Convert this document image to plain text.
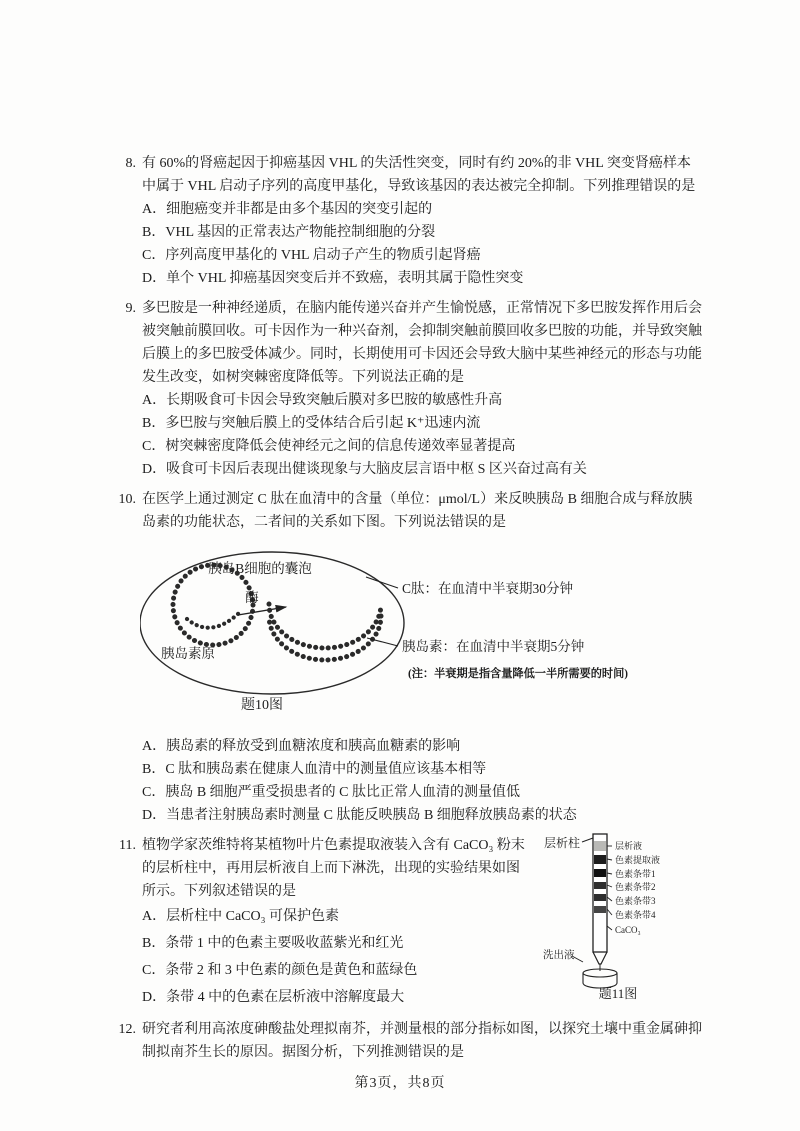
8. 有 60%的肾癌起因于抑癌基因 VHL 的失活性突变，同时有约 20%的非 VHL 突变肾癌样本中属于 VHL 启动子序列的高度甲基化，导致该基因的表达被完全抑制。下列推理错误的是
A．细胞癌变并非都是由多个基因的突变引起的
B．VHL 基因的正常表达产物能控制细胞的分裂
C．序列高度甲基化的 VHL 启动子产生的物质引起肾癌
D．单个 VHL 抑癌基因突变后并不致癌，表明其属于隐性突变
9. 多巴胺是一种神经递质，在脑内能传递兴奋并产生愉悦感，正常情况下多巴胺发挥作用后会被突触前膜回收。可卡因作为一种兴奋剂，会抑制突触前膜回收多巴胺的功能，并导致突触后膜上的多巴胺受体减少。同时，长期使用可卡因还会导致大脑中某些神经元的形态与功能发生改变，如树突棘密度降低等。下列说法正确的是
A．长期吸食可卡因会导致突触后膜对多巴胺的敏感性升高
B．多巴胺与突触后膜上的受体结合后引起 K⁺迅速内流
C．树突棘密度降低会使神经元之间的信息传递效率显著提高
D．吸食可卡因后表现出健谈现象与大脑皮层言语中枢 S 区兴奋过高有关
10. 在医学上通过测定 C 肽在血清中的含量（单位：μmol/L）来反映胰岛 B 细胞合成与释放胰岛素的功能状态，二者间的关系如下图。下列说法错误的是
胰岛B细胞的囊泡
胰岛素原
酶
C肽：在血清中半衰期30分钟
胰岛素：在血清中半衰期5分钟
(注：半衰期是指含量降低一半所需要的时间)
题10图
A．胰岛素的释放受到血糖浓度和胰高血糖素的影响
B．C 肽和胰岛素在健康人血清中的测量值应该基本相等
C．胰岛 B 细胞严重受损患者的 C 肽比正常人血清的测量值低
D．当患者注射胰岛素时测量 C 肽能反映胰岛 B 细胞释放胰岛素的状态
11. 植物学家茨维特将某植物叶片色素提取液装入含有 CaCO₃ 粉末的层析柱中，再用层析液自上而下淋洗，出现的实验结果如图所示。下列叙述错误的是
A．层析柱中 CaCO₃ 可保护色素
B．条带 1 中的色素主要吸收蓝紫光和红光
C．条带 2 和 3 中色素的颜色是黄色和蓝绿色
D．条带 4 中的色素在层析液中溶解度最大
层析柱	层析液
色素提取液
色素条带1
色素条带2
色素条带3
色素条带4
CaCO₃
洗出液
题11图
12. 研究者利用高浓度砷酸盐处理拟南芥，并测量根的部分指标如图，以探究土壤中重金属砷抑制拟南芥生长的原因。据图分析，下列推测错误的是
第3页，共8页
